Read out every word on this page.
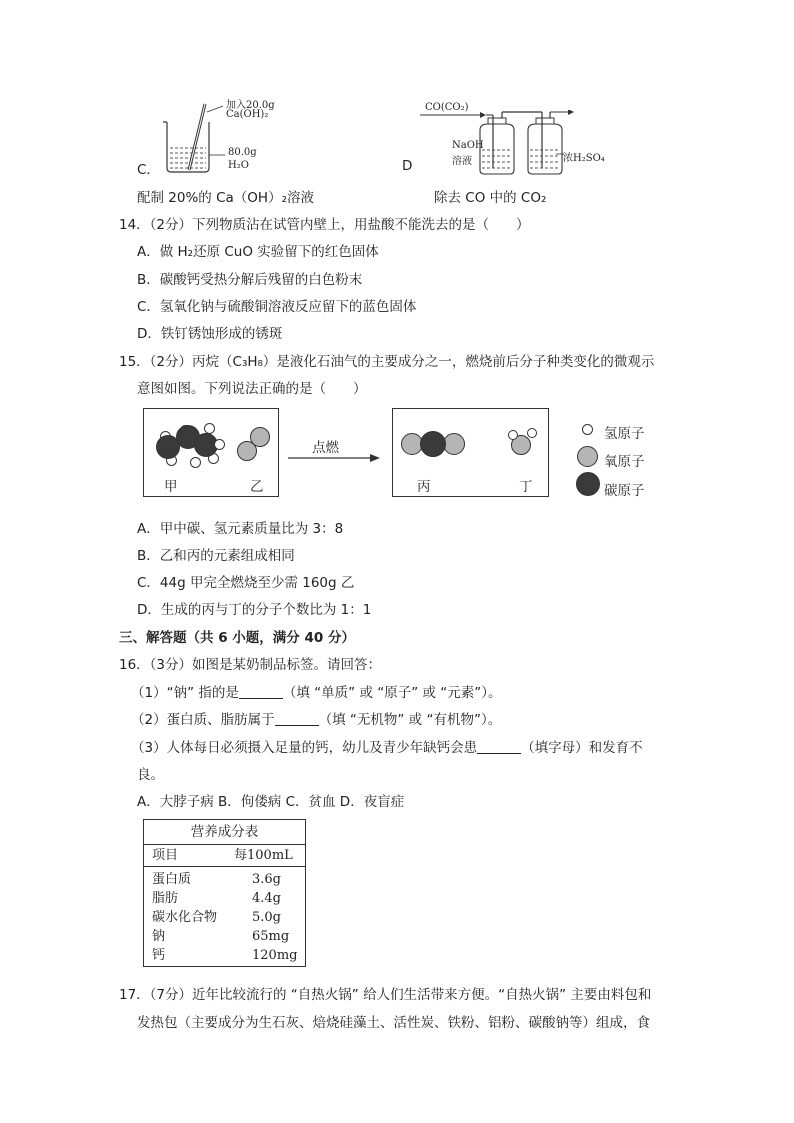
C．
加入20.0g
Ca(OH)₂
80.0g
H₂O
配制 20%的 Ca（OH）₂溶液
D
CO(CO₂)
NaOH
溶液	浓H₂SO₄
除去 CO 中的 CO₂
14．（2分）下列物质沾在试管内壁上，用盐酸不能洗去的是（　　）
A．做 H₂还原 CuO 实验留下的红色固体
B．碳酸钙受热分解后残留的白色粉末
C．氢氧化钠与硫酸铜溶液反应留下的蓝色固体
D．铁钉锈蚀形成的锈斑
15．（2分）丙烷（C₃H₈）是液化石油气的主要成分之一，燃烧前后分子种类变化的微观示
意图如图。下列说法正确的是（　　）
甲	乙
点燃
丙	丁
氢原子
氧原子
碳原子
A．甲中碳、氢元素质量比为 3：8
B．乙和丙的元素组成相同
C．44g 甲完全燃烧至少需 160g 乙
D．生成的丙与丁的分子个数比为 1：1
三、解答题（共 6 小题，满分 40 分）
16．（3分）如图是某奶制品标签。请回答：
（1）“钠” 指的是	（填 “单质” 或 “原子” 或 “元素”）。
（2）蛋白质、脂肪属于	（填 “无机物” 或 “有机物”）。
（3）人体每日必须摄入足量的钙，幼儿及青少年缺钙会患	（填字母）和发育不
良。
A．大脖子病 B．佝偻病 C．贫血 D．夜盲症
营养成分表
项目	每100mL
蛋白质	3.6g
脂肪	4.4g
碳水化合物	5.0g
钠	65mg
钙	120mg
17．（7分）近年比较流行的 “自热火锅” 给人们生活带来方便。“自热火锅” 主要由料包和
发热包（主要成分为生石灰、焙烧硅藻土、活性炭、铁粉、铝粉、碳酸钠等）组成，食
